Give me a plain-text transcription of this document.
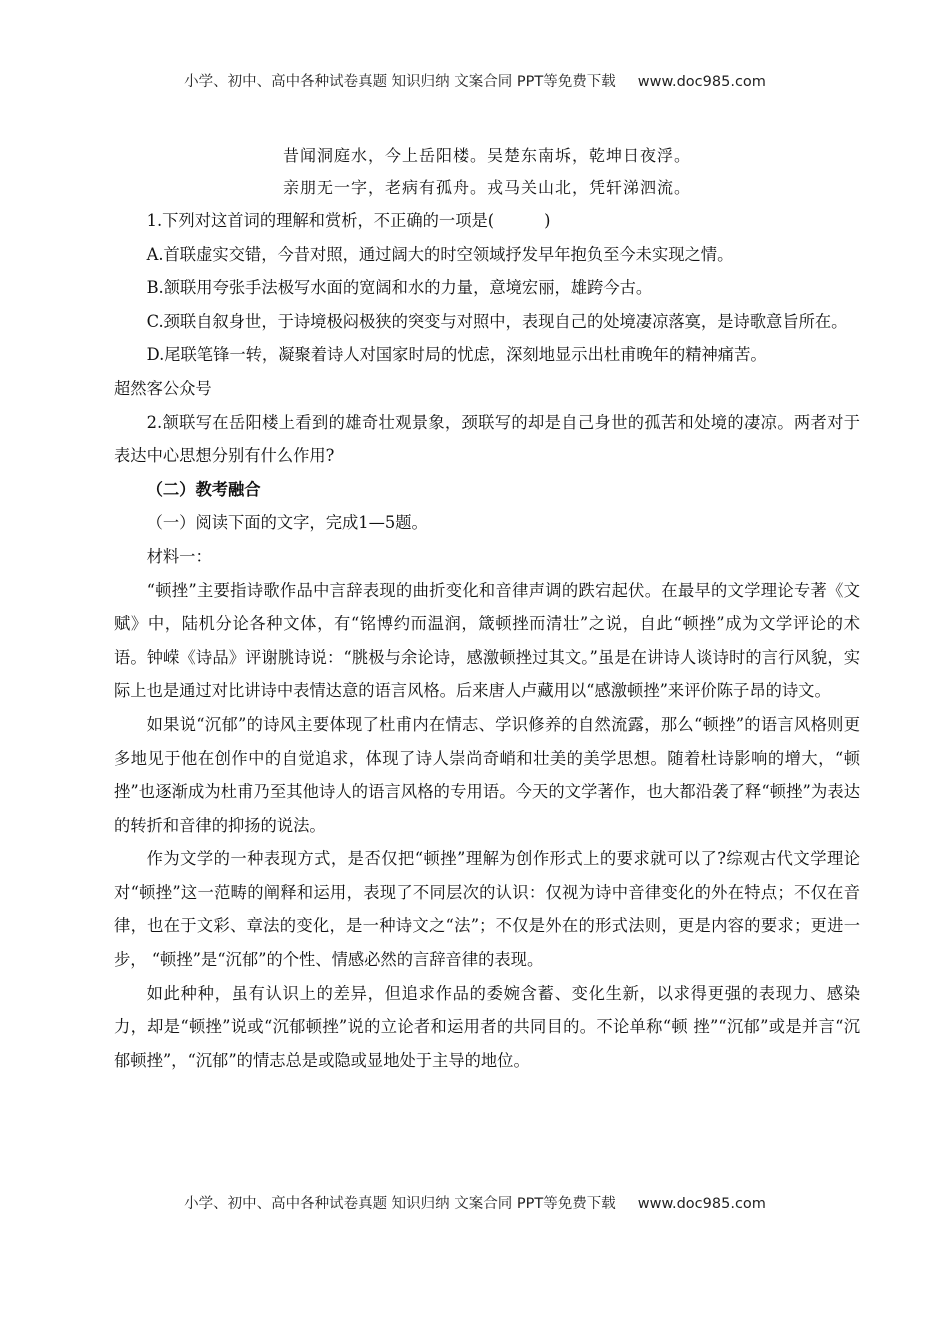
小学、初中、高中各种试卷真题 知识归纳 文案合同 PPT等免费下载 www.doc985.com
昔闻洞庭水，今上岳阳楼。吴楚东南坼，乾坤日夜浮。
亲朋无一字，老病有孤舟。戎马关山北，凭轩涕泗流。

1.下列对这首词的理解和赏析，不正确的一项是(	)

A.首联虚实交错，今昔对照，通过阔大的时空领域抒发早年抱负至今未实现之情。

B.颔联用夸张手法极写水面的宽阔和水的力量，意境宏丽，雄跨今古。

C.颈联自叙身世，于诗境极闷极狭的突变与对照中，表现自己的处境凄凉落寞，是诗歌意旨所在。

D.尾联笔锋一转，凝聚着诗人对国家时局的忧虑，深刻地显示出杜甫晚年的精神痛苦。

超然客公众号

2.颔联写在岳阳楼上看到的雄奇壮观景象，颈联写的却是自己身世的孤苦和处境的凄凉。两者对于表达中心思想分别有什么作用?

（二）教考融合

（一）阅读下面的文字，完成1—5题。

材料一：

“顿挫”主要指诗歌作品中言辞表现的曲折变化和音律声调的跌宕起伏。在最早的文学理论专著《文赋》中，陆机分论各种文体，有“铭博约而温润，箴顿挫而清壮”之说，自此“顿挫”成为文学评论的术语。钟嵘《诗品》评谢朓诗说：“朓极与余论诗，感激顿挫过其文。”虽是在讲诗人谈诗时的言行风貌，实际上也是通过对比讲诗中表情达意的语言风格。后来唐人卢藏用以“感激顿挫”来评价陈子昂的诗文。

如果说“沉郁”的诗风主要体现了杜甫内在情志、学识修养的自然流露，那么“顿挫”的语言风格则更多地见于他在创作中的自觉追求，体现了诗人崇尚奇峭和壮美的美学思想。随着杜诗影响的增大，“顿挫”也逐渐成为杜甫乃至其他诗人的语言风格的专用语。今天的文学著作，也大都沿袭了释“顿挫”为表达的转折和音律的抑扬的说法。

作为文学的一种表现方式，是否仅把“顿挫”理解为创作形式上的要求就可以了?综观古代文学理论对“顿挫”这一范畴的阐释和运用，表现了不同层次的认识：仅视为诗中音律变化的外在特点；不仅在音律，也在于文彩、章法的变化，是一种诗文之“法”；不仅是外在的形式法则，更是内容的要求；更进一步， “顿挫”是“沉郁”的个性、情感必然的言辞音律的表现。

如此种种，虽有认识上的差异，但追求作品的委婉含蓄、变化生新，以求得更强的表现力、感染力，却是“顿挫”说或“沉郁顿挫”说的立论者和运用者的共同目的。不论单称“顿 挫”“沉郁”或是并言“沉郁顿挫”，“沉郁”的情志总是或隐或显地处于主导的地位。

小学、初中、高中各种试卷真题 知识归纳 文案合同 PPT等免费下载 www.doc985.com
